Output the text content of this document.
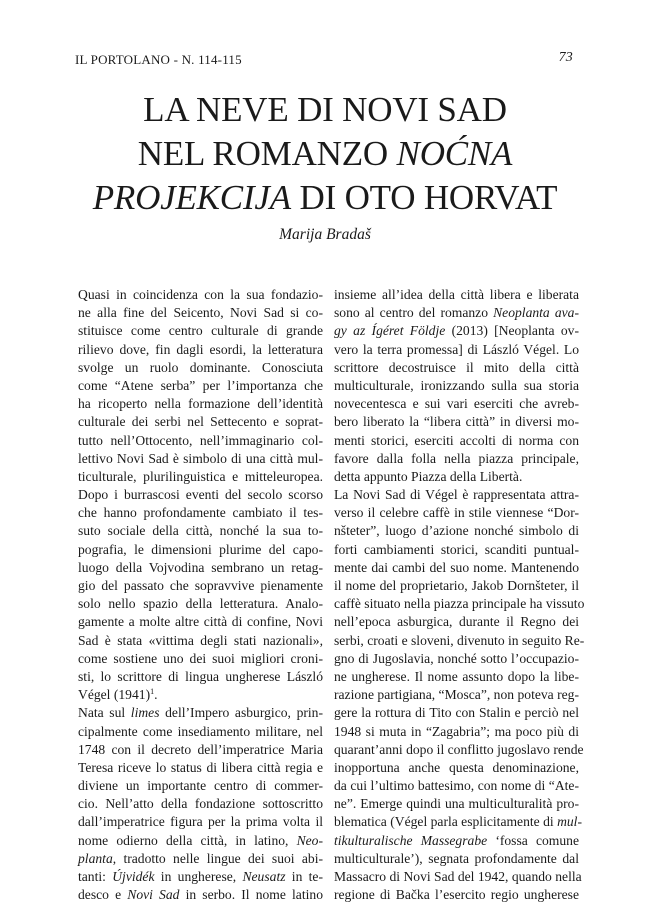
IL PORTOLANO - N. 114-115	73
LA NEVE DI NOVI SAD
NEL ROMANZO NOĆNA
PROJEKCIJA DI OTO HORVAT
Marija Bradaš
Quasi in coincidenza con la sua fondazio-
ne alla fine del Seicento, Novi Sad si co-
stituisce come centro culturale di grande
rilievo dove, fin dagli esordi, la letteratura
svolge un ruolo dominante. Conosciuta
come “Atene serba” per l’importanza che
ha ricoperto nella formazione dell’identità
culturale dei serbi nel Settecento e soprat-
tutto nell’Ottocento, nell’immaginario col-
lettivo Novi Sad è simbolo di una città mul-
ticulturale, plurilinguistica e mitteleuropea.
Dopo i burrascosi eventi del secolo scorso
che hanno profondamente cambiato il tes-
suto sociale della città, nonché la sua to-
pografia, le dimensioni plurime del capo-
luogo della Vojvodina sembrano un retag-
gio del passato che sopravvive pienamente
solo nello spazio della letteratura. Analo-
gamente a molte altre città di confine, Novi
Sad è stata «vittima degli stati nazionali»,
come sostiene uno dei suoi migliori croni-
sti, lo scrittore di lingua ungherese László
Végel $(1941)^1$.
Nata sul limes dell’Impero asburgico, prin-
cipalmente come insediamento militare, nel
1748 con il decreto dell’imperatrice Maria
Teresa riceve lo status di libera città regia e
diviene un importante centro di commer-
cio. Nell’atto della fondazione sottoscritto
dall’imperatrice figura per la prima volta il
nome odierno della città, in latino, Neo-
planta, tradotto nelle lingue dei suoi abi-
tanti: Újvidék in ungherese, Neusatz in te-
desco e Novi Sad in serbo. Il nome latino
insieme all’idea della città libera e liberata
sono al centro del romanzo Neoplanta ava-
gy az Ígéret Földje (2013) [Neoplanta ov-
vero la terra promessa] di László Végel. Lo
scrittore decostruisce il mito della città
multiculturale, ironizzando sulla sua storia
novecentesca e sui vari eserciti che avreb-
bero liberato la “libera città” in diversi mo-
menti storici, eserciti accolti di norma con
favore dalla folla nella piazza principale,
detta appunto Piazza della Libertà.
La Novi Sad di Végel è rappresentata attra-
verso il celebre caffè in stile viennese “Dor-
nšteter”, luogo d’azione nonché simbolo di
forti cambiamenti storici, scanditi puntual-
mente dai cambi del suo nome. Mantenendo
il nome del proprietario, Jakob Dornšteter, il
caffè situato nella piazza principale ha vissuto
nell’epoca asburgica, durante il Regno dei
serbi, croati e sloveni, divenuto in seguito Re-
gno di Jugoslavia, nonché sotto l’occupazio-
ne ungherese. Il nome assunto dopo la libe-
razione partigiana, “Mosca”, non poteva reg-
gere la rottura di Tito con Stalin e perciò nel
1948 si muta in “Zagabria”; ma poco più di
quarant’anni dopo il conflitto jugoslavo rende
inopportuna anche questa denominazione,
da cui l’ultimo battesimo, con nome di “Ate-
ne”. Emerge quindi una multiculturalità pro-
blematica (Végel parla esplicitamente di mul-
tikulturalische Massegrabe ‘fossa comune
multiculturale’), segnata profondamente dal
Massacro di Novi Sad del 1942, quando nella
regione di Bačka l’esercito regio ungherese
